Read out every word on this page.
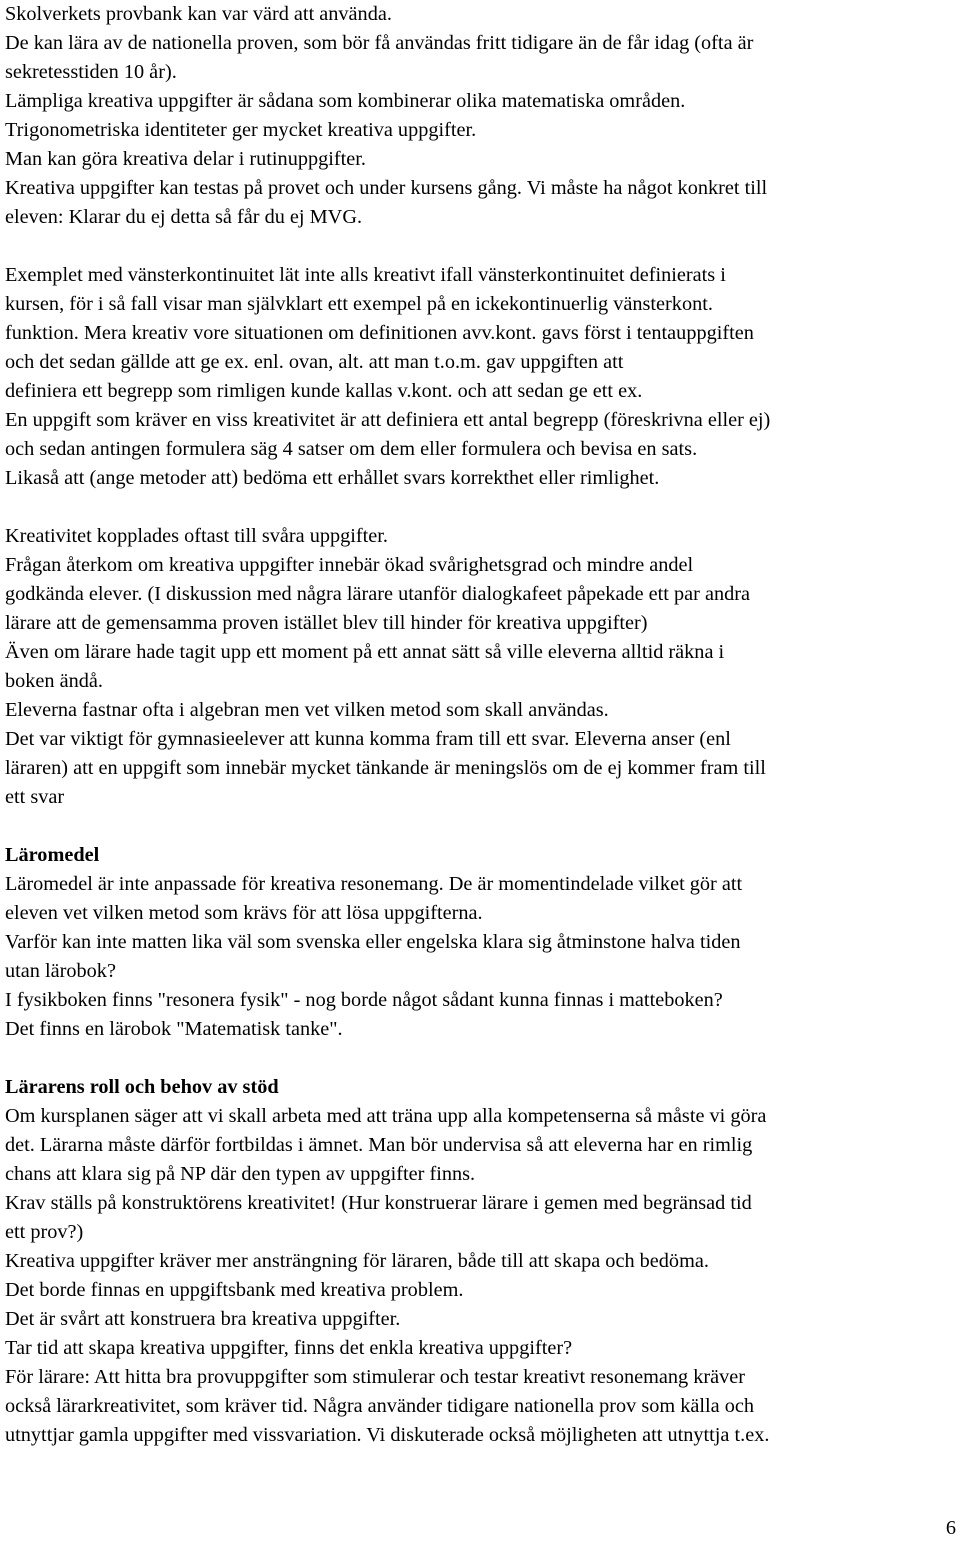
Skolverkets provbank kan var värd att använda.
De kan lära av de nationella proven, som bör få användas fritt tidigare än de får idag (ofta är
sekretesstiden 10 år).
Lämpliga kreativa uppgifter är sådana som kombinerar olika matematiska områden.
Trigonometriska identiteter ger mycket kreativa uppgifter.
Man kan göra kreativa delar i rutinuppgifter.
Kreativa uppgifter kan testas på provet och under kursens gång. Vi måste ha något konkret till
eleven: Klarar du ej detta så får du ej MVG.
Exemplet med vänsterkontinuitet lät inte alls kreativt ifall vänsterkontinuitet definierats i
kursen, för i så fall visar man självklart ett exempel på en ickekontinuerlig vänsterkont.
funktion. Mera kreativ vore situationen om definitionen avv.kont. gavs först i tentauppgiften
och det sedan gällde att ge ex. enl. ovan, alt. att man t.o.m. gav uppgiften att
definiera ett begrepp som rimligen kunde kallas v.kont. och att sedan ge ett ex.
En uppgift som kräver en viss kreativitet är att definiera ett antal begrepp (föreskrivna eller ej)
och sedan antingen formulera säg 4 satser om dem eller formulera och bevisa en sats.
Likaså att (ange metoder att) bedöma ett erhållet svars korrekthet eller rimlighet.
Kreativitet kopplades oftast till svåra uppgifter.
Frågan återkom om kreativa uppgifter innebär ökad svårighetsgrad och mindre andel
godkända elever. (I diskussion med några lärare utanför dialogkafeet påpekade ett par andra
lärare att de gemensamma proven istället blev till hinder för kreativa uppgifter)
Även om lärare hade tagit upp ett moment på ett annat sätt så ville eleverna alltid räkna i
boken ändå.
Eleverna fastnar ofta i algebran men vet vilken metod som skall användas.
Det var viktigt för gymnasieelever att kunna komma fram till ett svar. Eleverna anser (enl
läraren) att en uppgift som innebär mycket tänkande är meningslös om de ej kommer fram till
ett svar
Läromedel
Läromedel är inte anpassade för kreativa resonemang. De är momentindelade vilket gör att
eleven vet vilken metod som krävs för att lösa uppgifterna.
Varför kan inte matten lika väl som svenska eller engelska klara sig åtminstone halva tiden
utan lärobok?
I fysikboken finns "resonera fysik" - nog borde något sådant kunna finnas i matteboken?
Det finns en lärobok "Matematisk tanke".
Lärarens roll och behov av stöd
Om kursplanen säger att vi skall arbeta med att träna upp alla kompetenserna så måste vi göra
det. Lärarna måste därför fortbildas i ämnet. Man bör undervisa så att eleverna har en rimlig
chans att klara sig på NP där den typen av uppgifter finns.
Krav ställs på konstruktörens kreativitet! (Hur konstruerar lärare i gemen med begränsad tid
ett prov?)
Kreativa uppgifter kräver mer ansträngning för läraren, både till att skapa och bedöma.
Det borde finnas en uppgiftsbank med kreativa problem.
Det är svårt att konstruera bra kreativa uppgifter.
Tar tid att skapa kreativa uppgifter, finns det enkla kreativa uppgifter?
För lärare: Att hitta bra provuppgifter som stimulerar och testar kreativt resonemang kräver
också lärarkreativitet, som kräver tid. Några använder tidigare nationella prov som källa och
utnyttjar gamla uppgifter med vissvariation. Vi diskuterade också möjligheten att utnyttja t.ex.
6
